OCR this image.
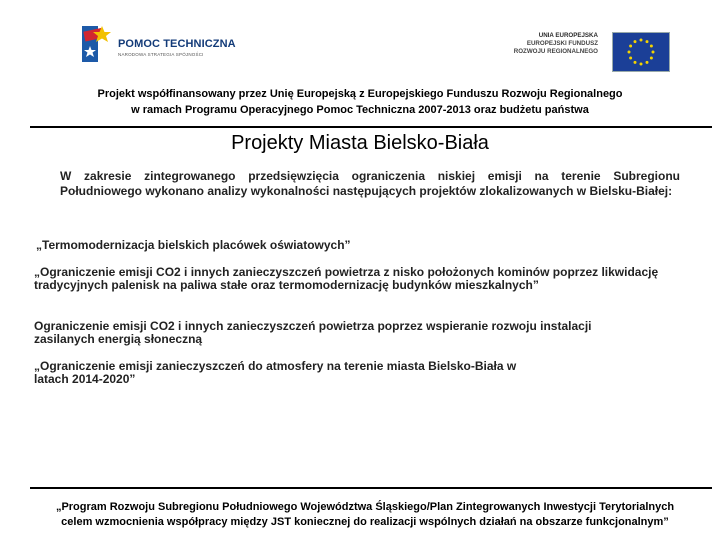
POMOC TECHNICZNA
NARODOWA STRATEGIA SPÓJNOŚCI
UNIA EUROPEJSKA
EUROPEJSKI FUNDUSZ
ROZWOJU REGIONALNEGO
Projekt współfinansowany przez Unię Europejską z Europejskiego Funduszu Rozwoju Regionalnego
w ramach Programu Operacyjnego Pomoc Techniczna 2007-2013 oraz budżetu państwa
Projekty Miasta Bielsko-Biała
W zakresie zintegrowanego przedsięwzięcia ograniczenia niskiej emisji na terenie Subregionu Południowego wykonano analizy wykonalności następujących projektów zlokalizowanych w Bielsku-Białej:
„Termomodernizacja bielskich placówek oświatowych”
„Ograniczenie emisji CO2 i innych zanieczyszczeń powietrza z nisko położonych kominów poprzez likwidację tradycyjnych palenisk na paliwa stałe oraz termomodernizację budynków mieszkalnych”
Ograniczenie emisji CO2 i innych zanieczyszczeń powietrza poprzez wspieranie rozwoju instalacji zasilanych energią słoneczną
„Ograniczenie emisji zanieczyszczeń do atmosfery na terenie miasta Bielsko-Biała w latach 2014-2020”
„Program Rozwoju Subregionu Południowego Województwa Śląskiego/Plan Zintegrowanych Inwestycji Terytorialnych
celem wzmocnienia współpracy między JST koniecznej do realizacji wspólnych działań na obszarze funkcjonalnym”
